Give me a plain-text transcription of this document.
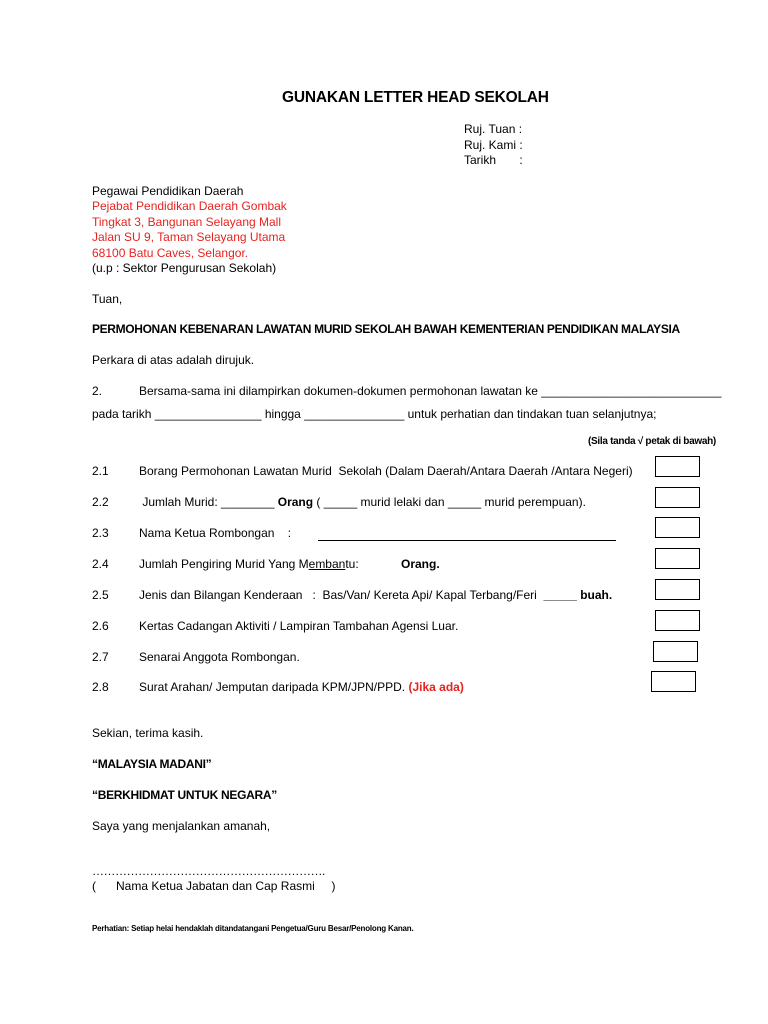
GUNAKAN LETTER HEAD SEKOLAH
Ruj. Tuan :
Ruj. Kami :
Tarikh       :
Pegawai Pendidikan Daerah
Pejabat Pendidikan Daerah Gombak
Tingkat 3, Bangunan Selayang Mall
Jalan SU 9, Taman Selayang Utama
68100 Batu Caves, Selangor.
(u.p : Sektor Pengurusan Sekolah)
Tuan,
PERMOHONAN KEBENARAN LAWATAN MURID SEKOLAH BAWAH KEMENTERIAN PENDIDIKAN MALAYSIA
Perkara di atas adalah dirujuk.
2.	Bersama-sama ini dilampirkan dokumen-dokumen permohonan lawatan ke ___________________________
pada tarikh ________________ hingga _______________ untuk perhatian dan tindakan tuan selanjutnya;
(Sila tanda √ petak di bawah)
2.1	Borang Permohonan Lawatan Murid  Sekolah (Dalam Daerah/Antara Daerah /Antara Negeri)
2.2	Jumlah Murid: ________ Orang ( _____ murid lelaki dan _____ murid perempuan).
2.3	Nama Ketua Rombongan    :
2.4	Jumlah Pengiring Murid Yang Membantu:	Orang.
2.5	Jenis dan Bilangan Kenderaan   :  Bas/Van/ Kereta Api/ Kapal Terbang/Feri  _____ buah.
2.6	Kertas Cadangan Aktiviti / Lampiran Tambahan Agensi Luar.
2.7	Senarai Anggota Rombongan.
2.8	Surat Arahan/ Jemputan daripada KPM/JPN/PPD. (Jika ada)
Sekian, terima kasih.
“MALAYSIA MADANI”
“BERKHIDMAT UNTUK NEGARA”
Saya yang menjalankan amanah,
…………………………………………………….
(      Nama Ketua Jabatan dan Cap Rasmi     )
Perhatian: Setiap helai hendaklah ditandatangani Pengetua/Guru Besar/Penolong Kanan.
